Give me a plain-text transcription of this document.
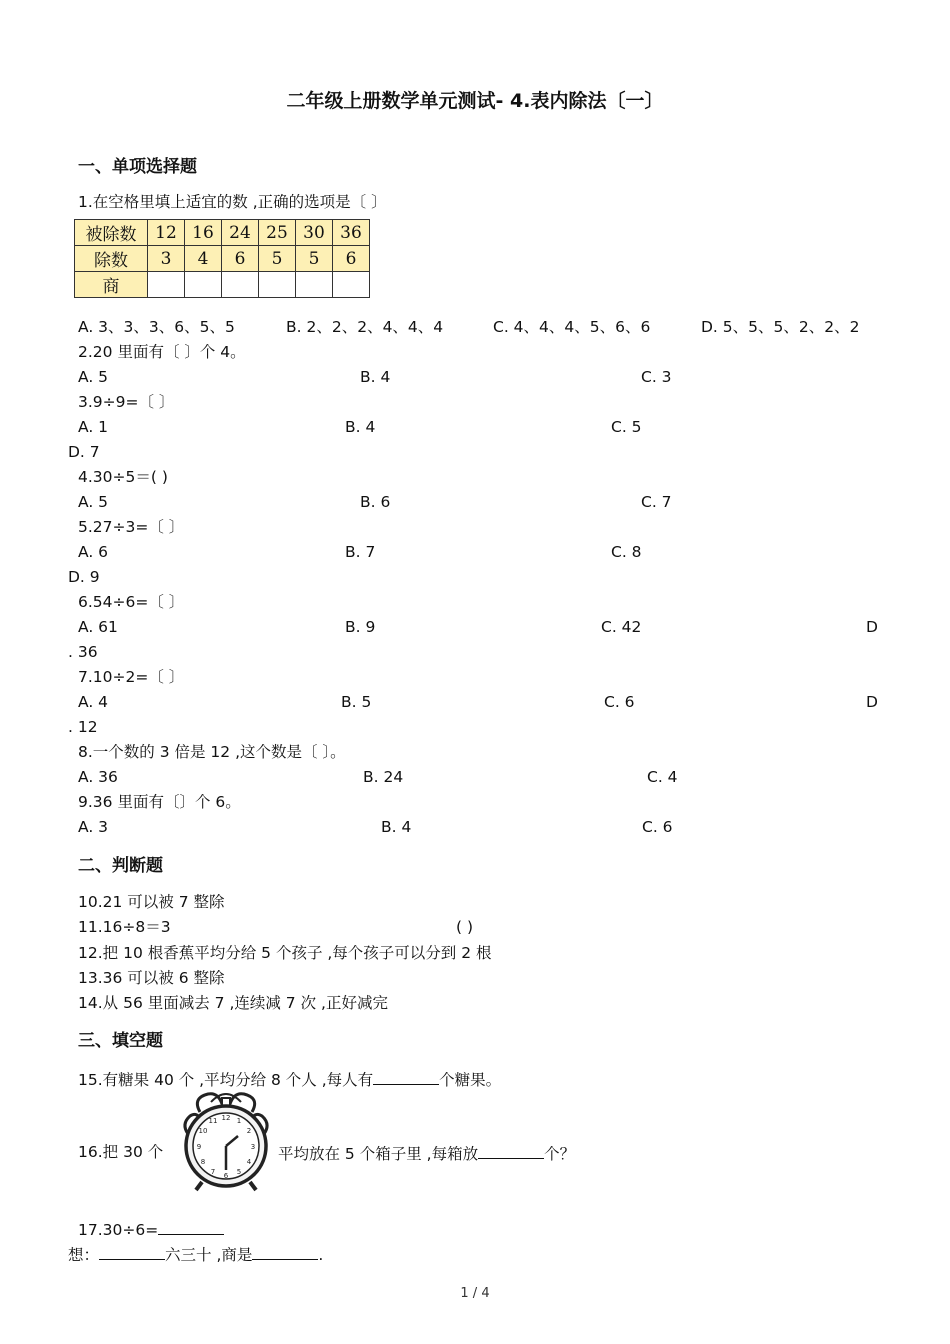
二年级上册数学单元测试- 4.表内除法〔一〕
一、单项选择题
1.在空格里填上适宜的数 ,正确的选项是〔 〕
被除数	12	16	24	25	30	36
除数	3	4	6	5	5	6
商						
A. 3、3、3、6、5、5	B. 2、2、2、4、4、4	C. 4、4、4、5、6、6	D. 5、5、5、2、2、2
2.20 里面有〔 〕个 4。
A. 5	B. 4	C. 3
3.9÷9=〔 〕
A. 1	B. 4	C. 5
D. 7
4.30÷5＝( )
A. 5	B. 6	C. 7
5.27÷3=〔 〕
A. 6	B. 7	C. 8
D. 9
6.54÷6=〔 〕
A. 61	B. 9	C. 42	D
. 36
7.10÷2=〔 〕
A. 4	B. 5	C. 6	D
. 12
8.一个数的 3 倍是 12 ,这个数是〔 〕。
A. 36	B. 24	C. 4
9.36 里面有〔〕个 6。
A. 3	B. 4	C. 6
二、判断题
10.21 可以被 7 整除
11.16÷8＝3	( )
12.把 10 根香蕉平均分给 5 个孩子 ,每个孩子可以分到 2 根
13.36 可以被 6 整除
14.从 56 里面减去 7 ,连续减 7 次 ,正好减完
三、填空题
15.有糖果 40 个 ,平均分给 8 个人 ,每人有	个糖果。
16.把 30 个
12 1
2
3
4
5
6
7
8
9
10
11
平均放在 5 个箱子里 ,每箱放	个？
17.30÷6=
想：	六三十 ,商是	.
1 / 4
